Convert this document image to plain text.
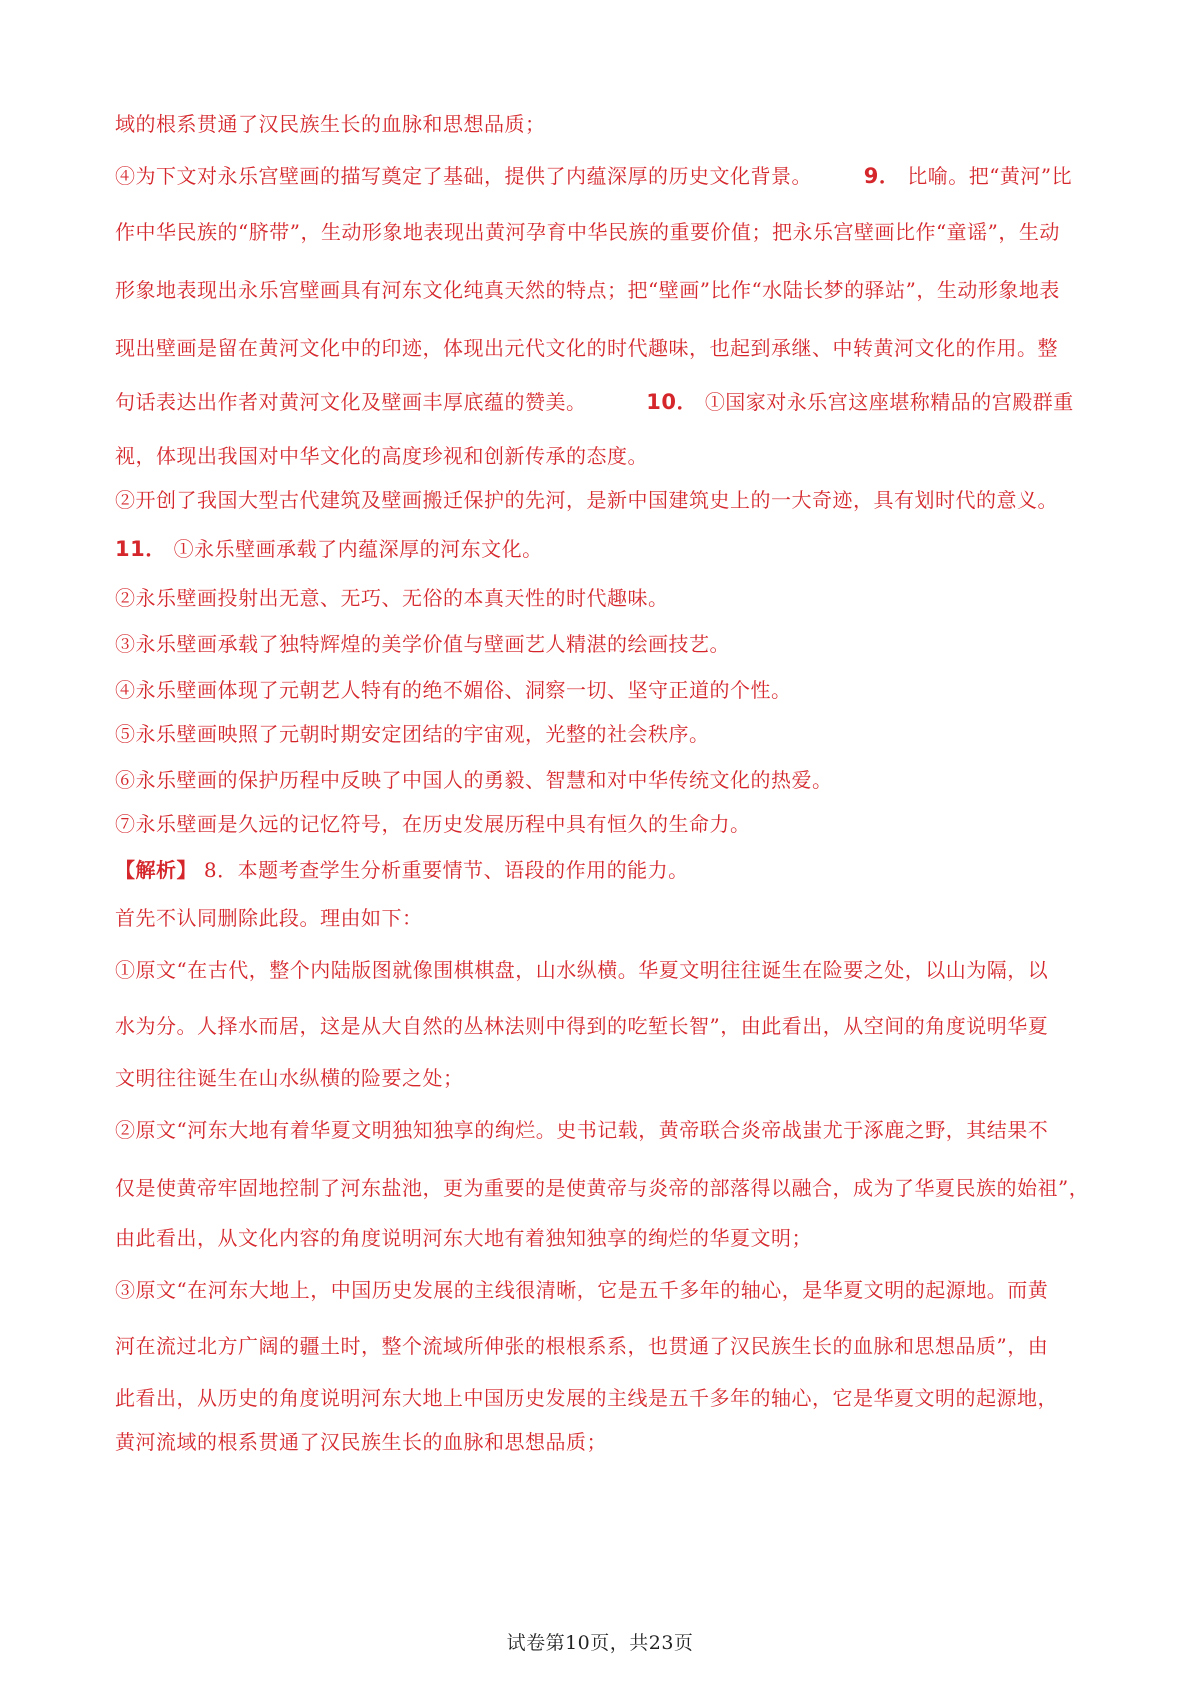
域的根系贯通了汉民族生长的血脉和思想品质；
④为下文对永乐宫壁画的描写奠定了基础，提供了内蕴深厚的历史文化背景。 9． 比喻。把“黄河”比
作中华民族的“脐带”，生动形象地表现出黄河孕育中华民族的重要价值；把永乐宫壁画比作“童谣”，生动
形象地表现出永乐宫壁画具有河东文化纯真天然的特点；把“壁画”比作“水陆长梦的驿站”，生动形象地表
现出壁画是留在黄河文化中的印迹，体现出元代文化的时代趣味，也起到承继、中转黄河文化的作用。整
句话表达出作者对黄河文化及壁画丰厚底蕴的赞美。	10． ①国家对永乐宫这座堪称精品的宫殿群重
视，体现出我国对中华文化的高度珍视和创新传承的态度。
②开创了我国大型古代建筑及壁画搬迁保护的先河，是新中国建筑史上的一大奇迹，具有划时代的意义。
11． ①永乐壁画承载了内蕴深厚的河东文化。
②永乐壁画投射出无意、无巧、无俗的本真天性的时代趣味。
③永乐壁画承载了独特辉煌的美学价值与壁画艺人精湛的绘画技艺。
④永乐壁画体现了元朝艺人特有的绝不媚俗、洞察一切、坚守正道的个性。
⑤永乐壁画映照了元朝时期安定团结的宇宙观，光整的社会秩序。
⑥永乐壁画的保护历程中反映了中国人的勇毅、智慧和对中华传统文化的热爱。
⑦永乐壁画是久远的记忆符号，在历史发展历程中具有恒久的生命力。
【解析】 8．本题考查学生分析重要情节、语段的作用的能力。
首先不认同删除此段。理由如下：
①原文“在古代，整个内陆版图就像围棋棋盘，山水纵横。华夏文明往往诞生在险要之处，以山为隔，以
水为分。人择水而居，这是从大自然的丛林法则中得到的吃堑长智”，由此看出，从空间的角度说明华夏
文明往往诞生在山水纵横的险要之处；
②原文“河东大地有着华夏文明独知独享的绚烂。史书记载，黄帝联合炎帝战蚩尤于涿鹿之野，其结果不
仅是使黄帝牢固地控制了河东盐池，更为重要的是使黄帝与炎帝的部落得以融合，成为了华夏民族的始祖”，
由此看出，从文化内容的角度说明河东大地有着独知独享的绚烂的华夏文明；
③原文“在河东大地上，中国历史发展的主线很清晰，它是五千多年的轴心，是华夏文明的起源地。而黄
河在流过北方广阔的疆土时，整个流域所伸张的根根系系，也贯通了汉民族生长的血脉和思想品质”，由
此看出，从历史的角度说明河东大地上中国历史发展的主线是五千多年的轴心，它是华夏文明的起源地，
黄河流域的根系贯通了汉民族生长的血脉和思想品质；
试卷第10页，共23页
